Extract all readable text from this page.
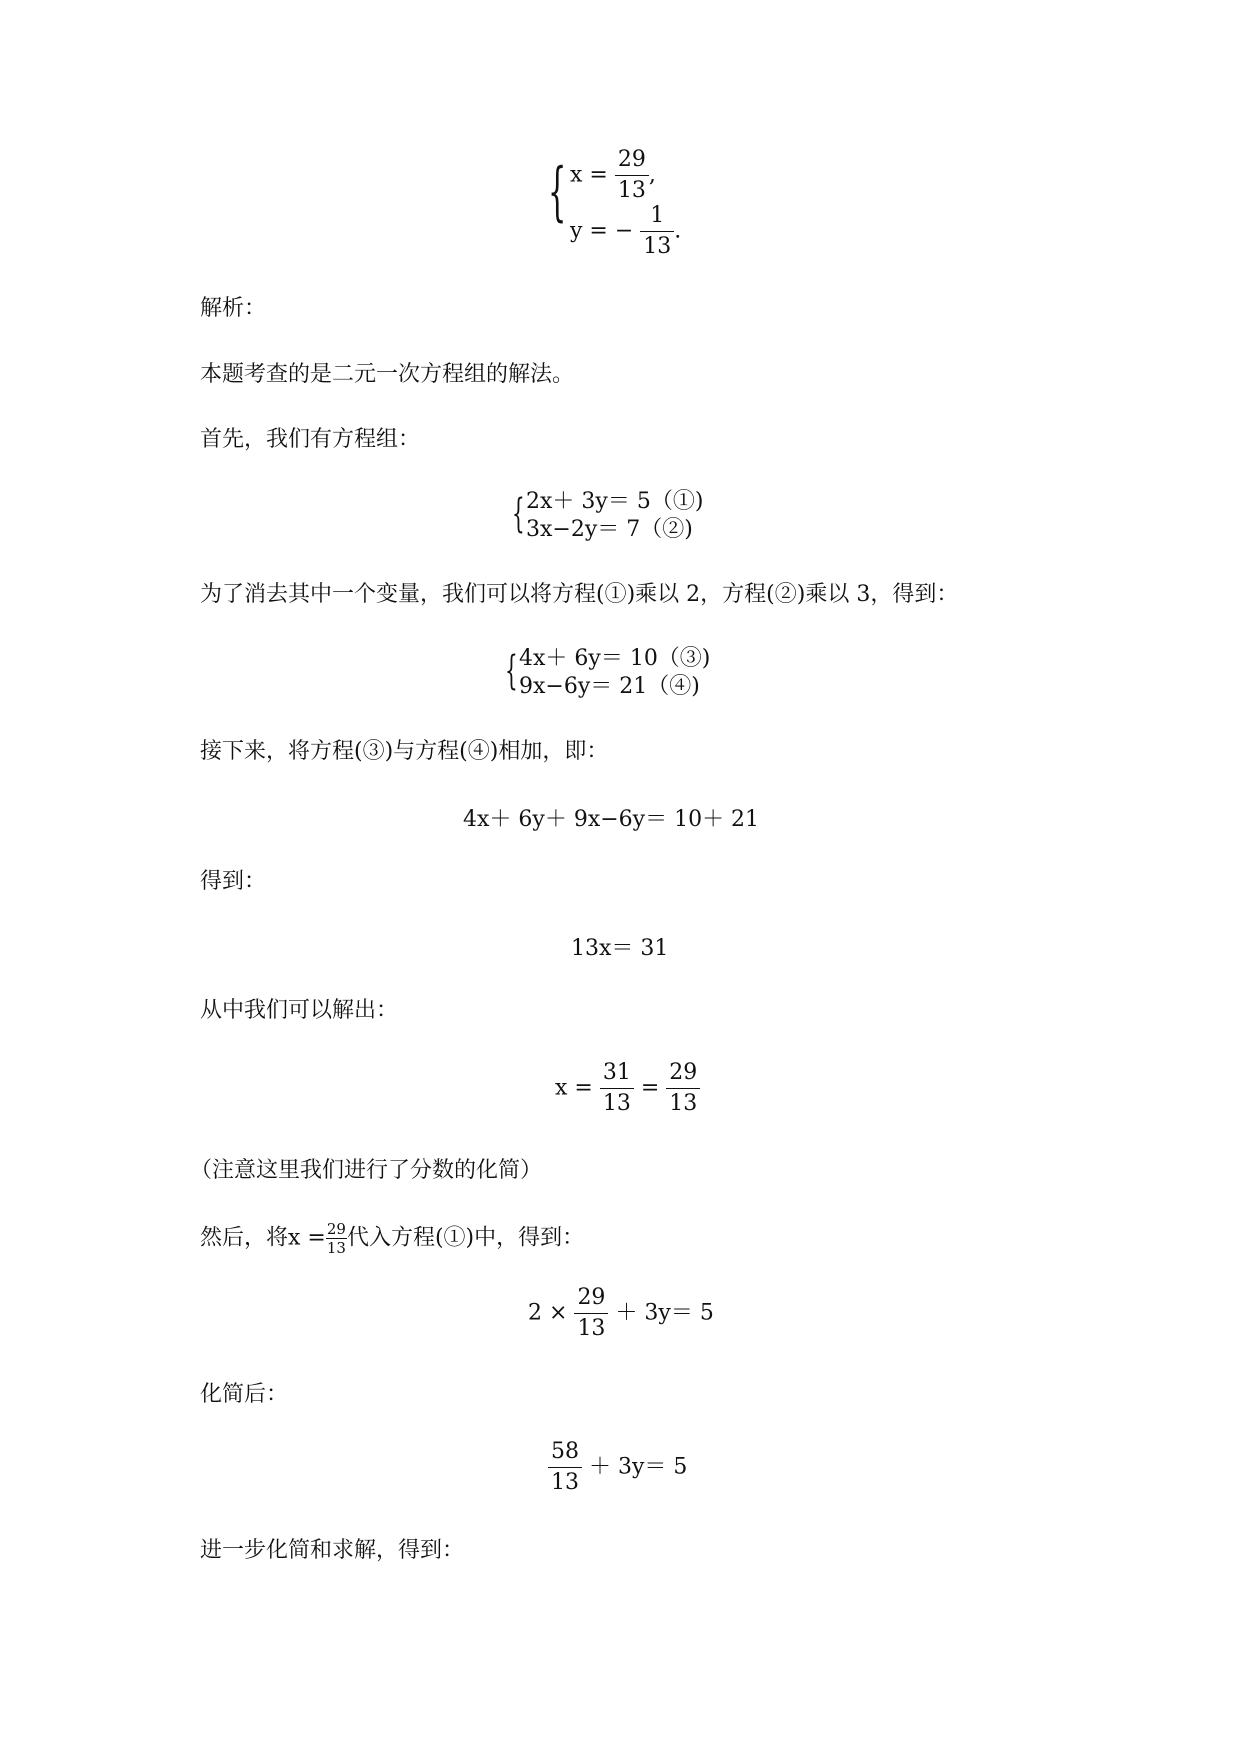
{ $x = \frac{29}{13}$ ,
y = − $\frac{1}{13}$ .
解析：
本题考查的是二元一次方程组的解法。
首先，我们有方程组：
{ 2x＋ 3y＝ 5（①)
3x−2y＝ 7（②)
为了消去其中一个变量，我们可以将方程(①)乘以 2，方程(②)乘以 3，得到：
{ 4x＋ 6y＝ 10（③)
9x−6y＝ 21（④)
接下来，将方程(③)与方程(④)相加，即：
4x＋ 6y＋ 9x−6y＝ 10＋ 21
得到：
13x＝ 31
从中我们可以解出：
$x = \frac{31}{13} = \frac{29}{13}$
（注意这里我们进行了分数的化简）
然后，将$x = \frac{29}{13}$ 代入方程(①)中，得到：
$2 \times \frac{29}{13} + 3y= 5$
化简后：
$\frac{58}{13} + 3y= 5$
进一步化简和求解，得到：
